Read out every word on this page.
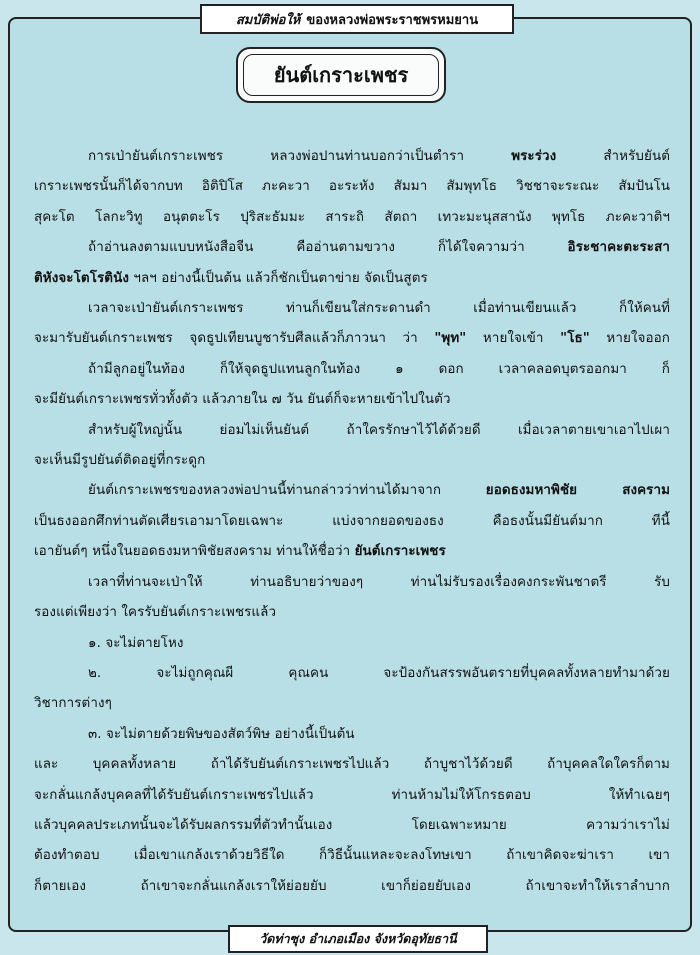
สมบัติพ่อให้ ของหลวงพ่อพระราชพรหมยาน
ยันต์เกราะเพชร

การเป่ายันต์เกราะเพชร หลวงพ่อปานท่านบอกว่าเป็นตำรา พระร่วง สำหรับยันต์

เกราะเพชรนั้นก็ได้จากบท อิติปิโส ภะคะวา อะระหัง สัมมา สัมพุทโธ วิชชาจะระณะ สัมปันโน

สุคะโต โลกะวิทู อนุตตะโร ปุริสะธัมมะ สาระถิ สัตถา เทวะมะนุสสานัง พุทโธ ภะคะวาติฯ

ถ้าอ่านลงตามแบบหนังสือจีน คืออ่านตามขวาง ก็ได้ใจความว่า อิระชาคะตะระสา

ติหังจะโตโรตินัง ฯลฯ อย่างนี้เป็นต้น แล้วก็ชักเป็นตาข่าย จัดเป็นสูตร

เวลาจะเป่ายันต์เกราะเพชร ท่านก็เขียนใส่กระดานดำ เมื่อท่านเขียนแล้ว ก็ให้คนที่

จะมารับยันต์เกราะเพชร จุดธูปเทียนบูชารับศีลแล้วก็ภาวนา ว่า "พุท" หายใจเข้า "โธ" หายใจออก

ถ้ามีลูกอยู่ในท้อง ก็ให้จุดธูปแทนลูกในท้อง ๑ ดอก เวลาคลอดบุตรออกมา ก็

จะมียันต์เกราะเพชรทั่วทั้งตัว แล้วภายใน ๗ วัน ยันต์ก็จะหายเข้าไปในตัว

สำหรับผู้ใหญ่นั้น ย่อมไม่เห็นยันต์ ถ้าใครรักษาไว้ได้ด้วยดี เมื่อเวลาตายเขาเอาไปเผา

จะเห็นมีรูปยันต์ติดอยู่ที่กระดูก

ยันต์เกราะเพชรของหลวงพ่อปานนี้ท่านกล่าวว่าท่านได้มาจาก ยอดธงมหาพิชัย สงคราม

เป็นธงออกศึกท่านตัดเศียรเอามาโดยเฉพาะ แบ่งจากยอดของธง คือธงนั้นมียันต์มาก ทีนี้

เอายันต์ๆ หนึ่งในยอดธงมหาพิชัยสงคราม ท่านให้ชื่อว่า ยันต์เกราะเพชร

เวลาที่ท่านจะเป่าให้ ท่านอธิบายว่าของๆ ท่านไม่รับรองเรื่องคงกระพันชาตรี รับ

รองแต่เพียงว่า ใครรับยันต์เกราะเพชรแล้ว

๑. จะไม่ตายโหง

๒. จะไม่ถูกคุณผี คุณคน จะป้องกันสรรพอันตรายที่บุคคลทั้งหลายทำมาด้วย

วิชาการต่างๆ

๓. จะไม่ตายด้วยพิษของสัตว์พิษ อย่างนี้เป็นต้น

และ บุคคลทั้งหลาย ถ้าได้รับยันต์เกราะเพชรไปแล้ว ถ้าบูชาไว้ด้วยดี ถ้าบุคคลใดใครก็ตาม

จะกลั่นแกล้งบุคคลที่ได้รับยันต์เกราะเพชรไปแล้ว ท่านห้ามไม่ให้โกรธตอบ ให้ทำเฉยๆ

แล้วบุคคลประเภทนั้นจะได้รับผลกรรมที่ตัวทำนั้นเอง โดยเฉพาะหมาย ความว่าเราไม่

ต้องทำตอบ เมื่อเขาแกล้งเราด้วยวิธีใด ก็วิธีนั้นแหละจะลงโทษเขา ถ้าเขาคิดจะฆ่าเรา เขา

ก็ตายเอง ถ้าเขาจะกลั่นแกล้งเราให้ย่อยยับ เขาก็ย่อยยับเอง ถ้าเขาจะทำให้เราลำบาก

วัดท่าซุง อำเภอเมือง จังหวัดอุทัยธานี
